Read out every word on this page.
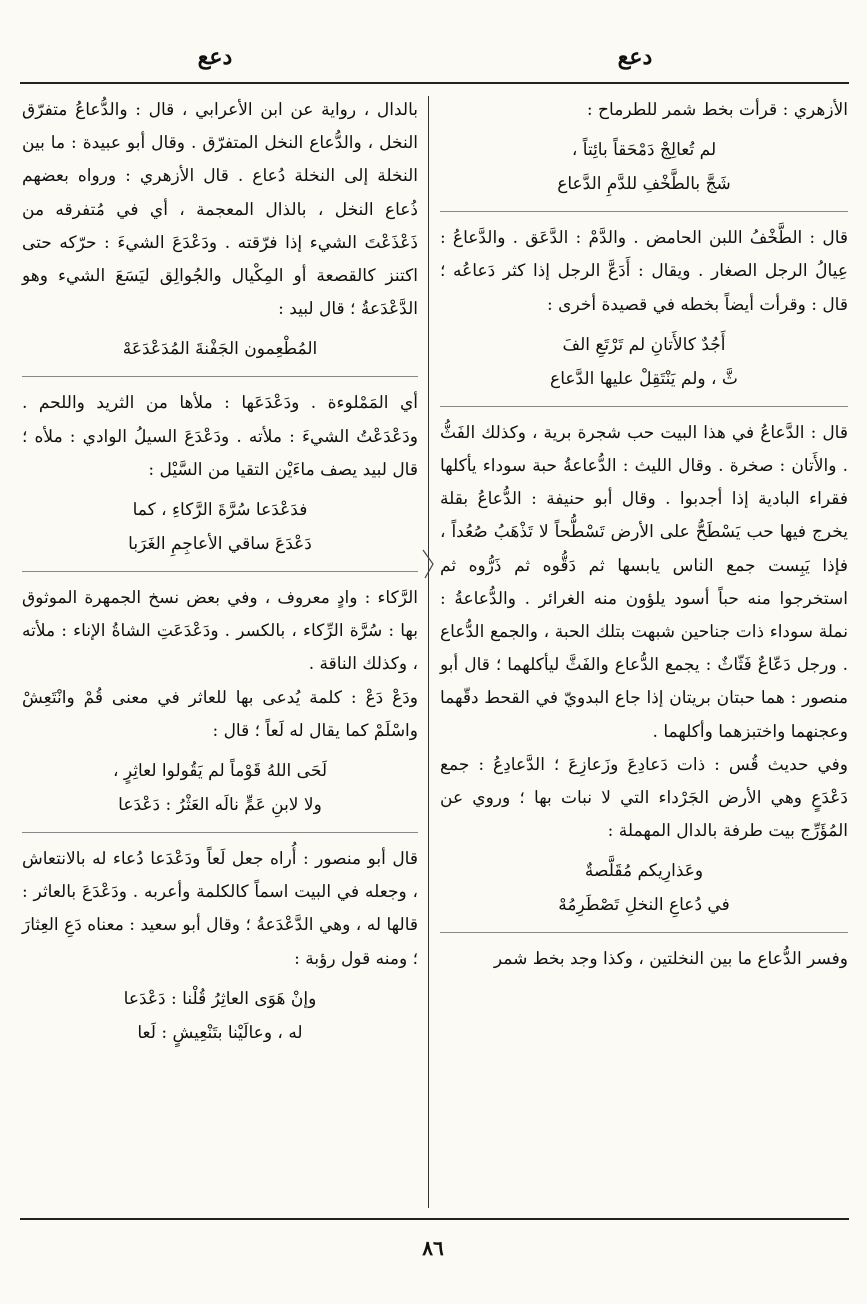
دعع
دعع

الأزهري : قرأت بخط شمر للطرماح :

لم تُعالِجْ دَمْحَقاً بائِتاً ،
شَجَّ بالطَّخْفِ للدَّمِ الدَّعاع

قال : الطَّخْفُ اللبن الحامض . والدَّمْ : الدَّعَق . والدَّعاعُ : عِيالُ الرجل الصغار . ويقال : أَدَعَّ الرجل إذا كثر دَعاعُه ؛ قال : وقرأت أيضاً بخطه في قصيدة أخرى :

أَجُدٌ كالأَتانِ لم تَرْتَعِ الفَ
ثَّ ، ولم يَنْتَقِلْ عليها الدَّعاع

قال : الدَّعاعُ في هذا البيت حب شجرة برية ، وكذلك الفَثُّ . والأَتان : صخرة . وقال الليث : الدُّعاعةُ حبة سوداء يأكلها فقراء البادية إذا أجدبوا . وقال أبو حنيفة : الدُّعاعُ بقلة يخرج فيها حب يَسْطَحُّ على الأرض تَسْطُّحاً لا تَذْهَبُ صُعُداً ، فإذا يَبِست جمع الناس يابسها ثم دَقُّوه ثم ذَرُّوه ثم استخرجوا منه حباً أسود يلؤون منه الغرائر . والدُّعاعةُ : نملة سوداء ذات جناحين شبهت بتلك الحبة ، والجمع الدُّعاع . ورجل دَعّاعٌ فَثّاثٌ : يجمع الدُّعاع والفَثَّ ليأكلهما ؛ قال أبو منصور : هما حبتان بريتان إذا جاع البدويّ في القحط دقّهما وعجنهما واختبزهما وأكلهما .

وفي حديث قُس : ذات دَعادِعَ وزَعازِعَ ؛ الدَّعادِعُ : جمع دَعْدَعٍ وهي الأرض الجَرْداء التي لا نبات بها ؛ وروي عن المُؤَرِّج بيت طرفة بالدال المهملة :

وعَذارِيكم مُقَلَّصةٌ
في دُعاعِ النخلِ تَصْطَرِمُهْ

وفسر الدُّعاع ما بين النخلتين ، وكذا وجد بخط شمر

بالدال ، رواية عن ابن الأعرابي ، قال : والدُّعاعُ متفرّق النخل ، والدُّعاع النخل المتفرّق . وقال أبو عبيدة : ما بين النخلة إلى النخلة دُعاع . قال الأزهري : ورواه بعضهم ذُعاع النخل ، بالذال المعجمة ، أي في مُتفرقه من ذَعْذَعْتَ الشيء إذا فرّقته . ودَعْدَعَ الشيءَ : حرّكه حتى اكتنز كالقصعة أو المِكْيال والجُوالِق ليَسَعَ الشيء وهو الدَّعْدَعةُ ؛ قال لبيد :

المُطْعِمون الجَفْنةَ المُدَعْدَعَهْ

أي المَمْلوءة . ودَعْدَعَها : ملأها من الثريد واللحم . ودَعْدَعْتُ الشيءَ : ملأته . ودَعْدَعَ السيلُ الوادي : ملأه ؛ قال لبيد يصف ماءَيْن التقيا من السَّيْل :

فدَعْدَعا سُرَّةَ الرَّكاءِ ، كما
دَعْدَعَ ساقي الأعاجِمِ الغَرَبا

الرَّكاء : وادٍ معروف ، وفي بعض نسخ الجمهرة الموثوق بها : سُرَّة الرِّكاء ، بالكسر . ودَعْدَعَتِ الشاةُ الإناء : ملأته ، وكذلك الناقة .

ودَعْ دَعْ : كلمة يُدعى بها للعاثر في معنى قُمْ وانْتَعِشْ واسْلَمْ كما يقال له لَعاً ؛ قال :

لَحَى اللهُ قَوْماً لم يَقُولوا لعاثِرٍ ،
ولا لابنِ عَمٍّ نالَه العَثْرُ : دَعْدَعا

قال أبو منصور : أُراه جعل لَعاً ودَعْدَعا دُعاء له بالانتعاش ، وجعله في البيت اسماً كالكلمة وأعربه . ودَعْدَعَ بالعاثر : قالها له ، وهي الدَّعْدَعةُ ؛ وقال أبو سعيد : معناه دَعِ العِثارَ ؛ ومنه قول رؤبة :

وإنْ هَوَى العاثِرُ قُلْنا : دَعْدَعا
له ، وعالَيْنا بتَنْعِيشٍ : لَعا
٨٦
